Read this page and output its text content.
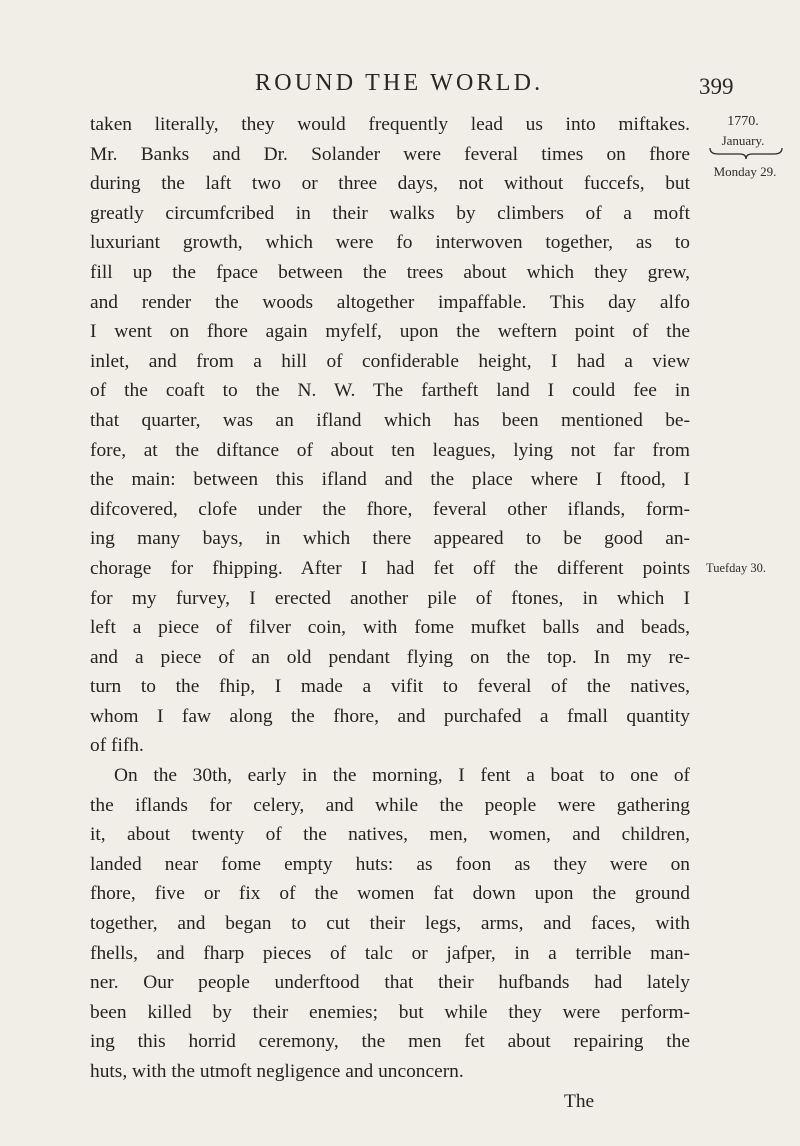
ROUND THE WORLD.	399
1770.
January.
Monday 29.
Tuefday 30.
taken literally, they would frequently lead us into miftakes.
Mr. Banks and Dr. Solander were feveral times on fhore
during the laft two or three days, not without fuccefs, but
greatly circumfcribed in their walks by climbers of a moft
luxuriant growth, which were fo interwoven together, as to
fill up the fpace between the trees about which they grew,
and render the woods altogether impaffable. This day alfo
I went on fhore again myfelf, upon the weftern point of the
inlet, and from a hill of confiderable height, I had a view
of the coaft to the N. W. The fartheft land I could fee in
that quarter, was an ifland which has been mentioned be-
fore, at the diftance of about ten leagues, lying not far from
the main: between this ifland and the place where I ftood, I
difcovered, clofe under the fhore, feveral other iflands, form-
ing many bays, in which there appeared to be good an-
chorage for fhipping. After I had fet off the different points
for my furvey, I erected another pile of ftones, in which I
left a piece of filver coin, with fome mufket balls and beads,
and a piece of an old pendant flying on the top. In my re-
turn to the fhip, I made a vifit to feveral of the natives,
whom I faw along the fhore, and purchafed a fmall quantity
of fifh.
On the 30th, early in the morning, I fent a boat to one of
the iflands for celery, and while the people were gathering
it, about twenty of the natives, men, women, and children,
landed near fome empty huts: as foon as they were on
fhore, five or fix of the women fat down upon the ground
together, and began to cut their legs, arms, and faces, with
fhells, and fharp pieces of talc or jafper, in a terrible man-
ner. Our people underftood that their hufbands had lately
been killed by their enemies; but while they were perform-
ing this horrid ceremony, the men fet about repairing the
huts, with the utmoft negligence and unconcern.
The
